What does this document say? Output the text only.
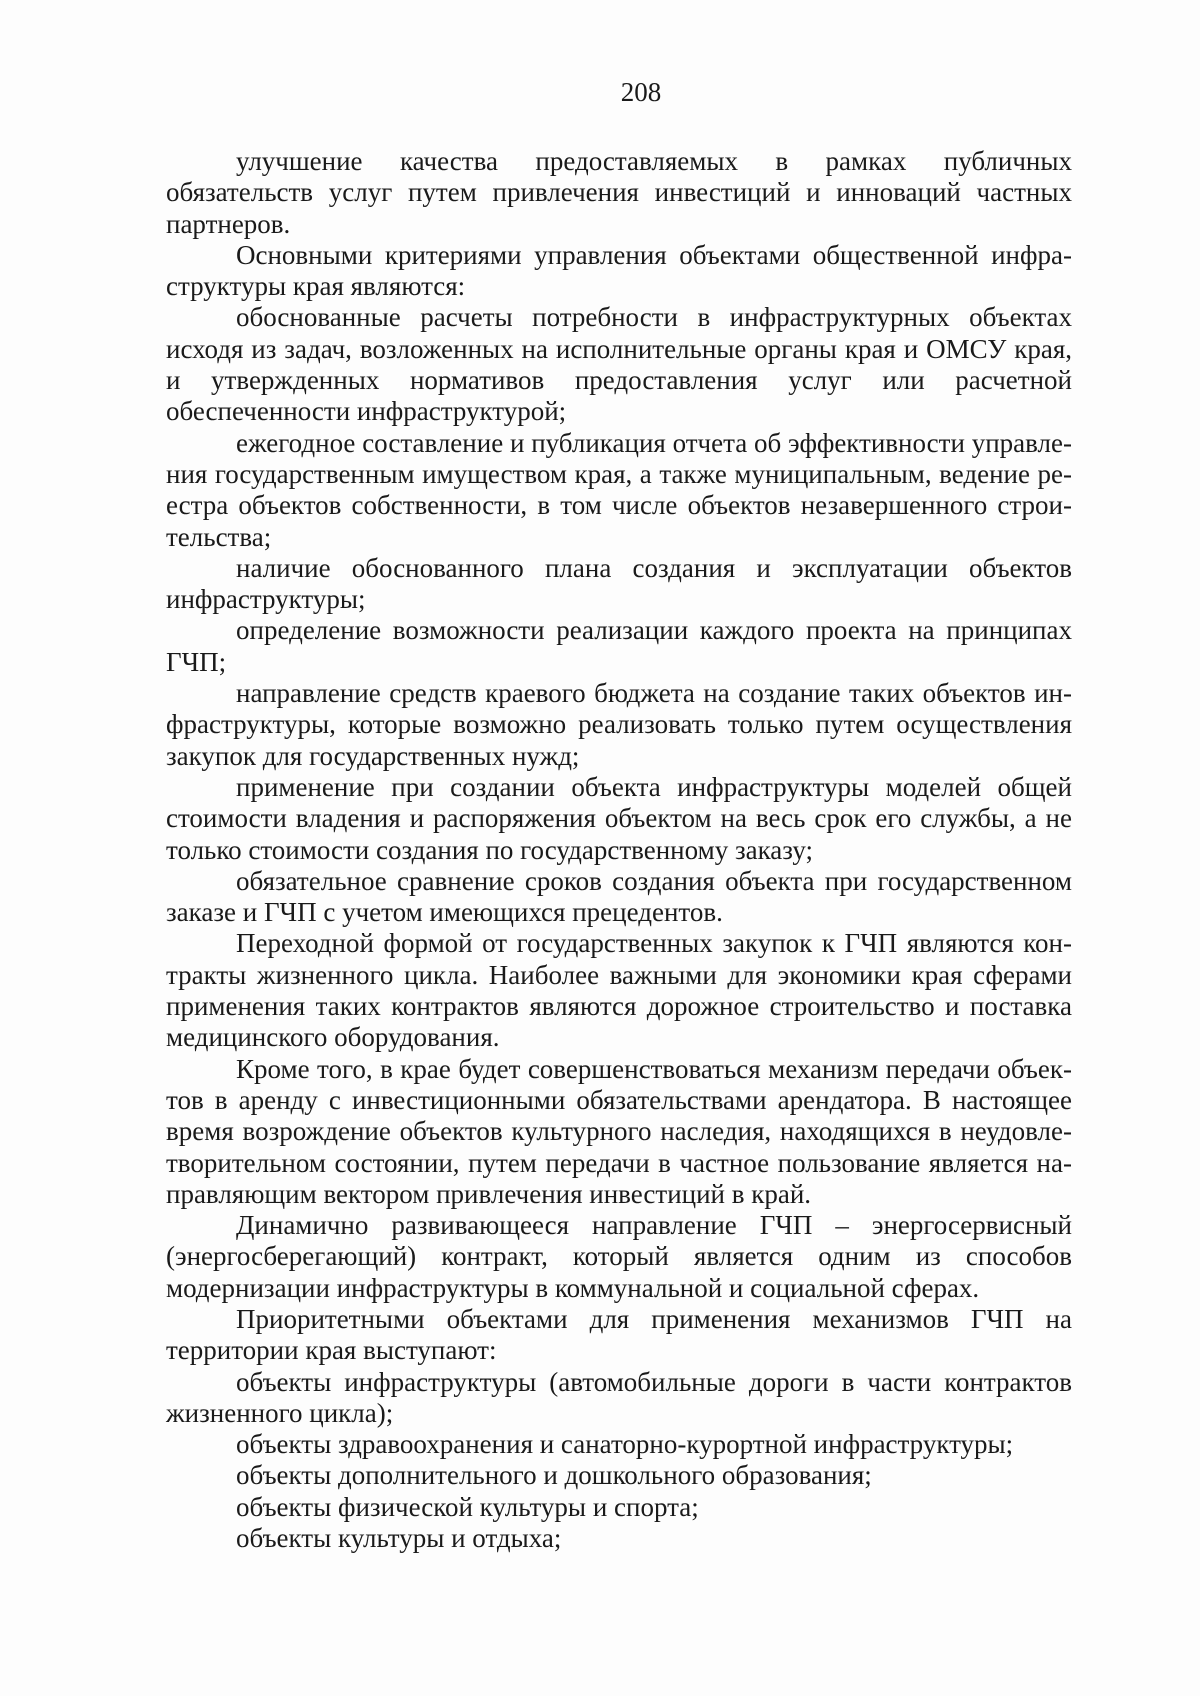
208

улучшение качества предоставляемых в рамках публичных обязательств услуг путем привлечения инвестиций и инноваций частных партнеров.

Основными критериями управления объектами общественной инфраструктуры края являются:

обоснованные расчеты потребности в инфраструктурных объектах исходя из задач, возложенных на исполнительные органы края и ОМСУ края, и утвержденных нормативов предоставления услуг или расчетной обеспеченности инфраструктурой;

ежегодное составление и публикация отчета об эффективности управления государственным имуществом края, а также муниципальным, ведение реестра объектов собственности, в том числе объектов незавершенного строительства;

наличие обоснованного плана создания и эксплуатации объектов инфраструктуры;

определение возможности реализации каждого проекта на принципах ГЧП;

направление средств краевого бюджета на создание таких объектов инфраструктуры, которые возможно реализовать только путем осуществления закупок для государственных нужд;

применение при создании объекта инфраструктуры моделей общей стоимости владения и распоряжения объектом на весь срок его службы, а не только стоимости создания по государственному заказу;

обязательное сравнение сроков создания объекта при государственном заказе и ГЧП с учетом имеющихся прецедентов.

Переходной формой от государственных закупок к ГЧП являются контракты жизненного цикла. Наиболее важными для экономики края сферами применения таких контрактов являются дорожное строительство и поставка медицинского оборудования.

Кроме того, в крае будет совершенствоваться механизм передачи объектов в аренду с инвестиционными обязательствами арендатора. В настоящее время возрождение объектов культурного наследия, находящихся в неудовлетворительном состоянии, путем передачи в частное пользование является направляющим вектором привлечения инвестиций в край.

Динамично развивающееся направление ГЧП – энергосервисный (энергосберегающий) контракт, который является одним из способов модернизации инфраструктуры в коммунальной и социальной сферах.

Приоритетными объектами для применения механизмов ГЧП на территории края выступают:

объекты инфраструктуры (автомобильные дороги в части контрактов жизненного цикла);

объекты здравоохранения и санаторно-курортной инфраструктуры;

объекты дополнительного и дошкольного образования;

объекты физической культуры и спорта;

объекты культуры и отдыха;
